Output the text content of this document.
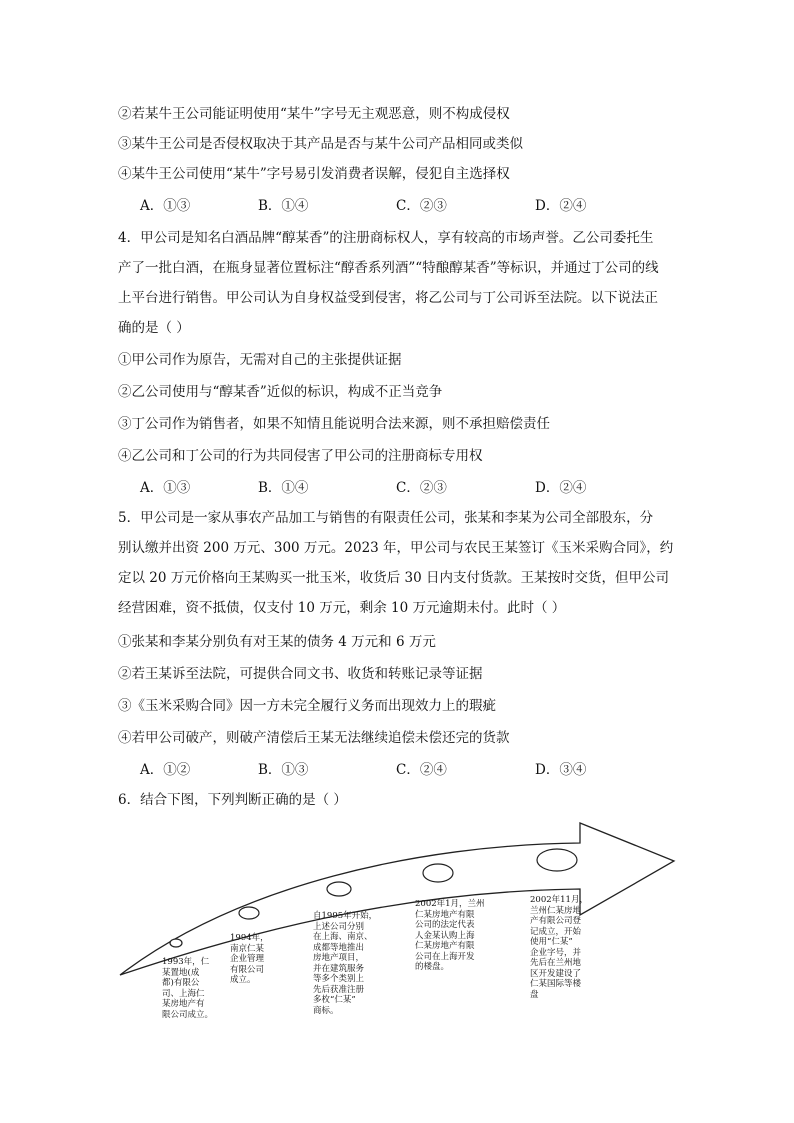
②若某牛王公司能证明使用“某牛”字号无主观恶意，则不构成侵权
③某牛王公司是否侵权取决于其产品是否与某牛公司产品相同或类似
④某牛王公司使用“某牛”字号易引发消费者误解，侵犯自主选择权
A．①③	B．①④	C．②③	D．②④
4．甲公司是知名白酒品牌“醇某香”的注册商标权人，享有较高的市场声誉。乙公司委托生
产了一批白酒，在瓶身显著位置标注“醇香系列酒”“特酿醇某香”等标识，并通过丁公司的线
上平台进行销售。甲公司认为自身权益受到侵害，将乙公司与丁公司诉至法院。以下说法正
确的是（ ）
①甲公司作为原告，无需对自己的主张提供证据
②乙公司使用与“醇某香”近似的标识，构成不正当竞争
③丁公司作为销售者，如果不知情且能说明合法来源，则不承担赔偿责任
④乙公司和丁公司的行为共同侵害了甲公司的注册商标专用权
A．①③	B．①④	C．②③	D．②④
5．甲公司是一家从事农产品加工与销售的有限责任公司，张某和李某为公司全部股东，分
别认缴并出资 200 万元、300 万元。2023 年，甲公司与农民王某签订《玉米采购合同》，约
定以 20 万元价格向王某购买一批玉米，收货后 30 日内支付货款。王某按时交货，但甲公司
经营困难，资不抵债，仅支付 10 万元，剩余 10 万元逾期未付。此时（ ）
①张某和李某分别负有对王某的债务 4 万元和 6 万元
②若王某诉至法院，可提供合同文书、收货和转账记录等证据
③《玉米采购合同》因一方未完全履行义务而出现效力上的瑕疵
④若甲公司破产，则破产清偿后王某无法继续追偿未偿还完的货款
A．①②	B．①③	C．②④	D．③④
6．结合下图，下列判断正确的是（ ）
1993年，仁
某置地(成
都)有限公
司、上海仁
某房地产有
限公司成立。
1994年，
南京仁某
企业管理
有限公司
成立。
自1995年开始，
上述公司分别
在上海、南京、
成都等地推出
房地产项目，
并在建筑服务
等多个类别上
先后获准注册
多枚“仁某”
商标。
2002年1月，兰州
仁某房地产有限
公司的法定代表
人金某认购上海
仁某房地产有限
公司在上海开发
的楼盘。
2002年11月，
兰州仁某房地
产有限公司登
记成立，开始
使用“仁某”
企业字号，并
先后在兰州地
区开发建设了
仁某国际等楼
盘
